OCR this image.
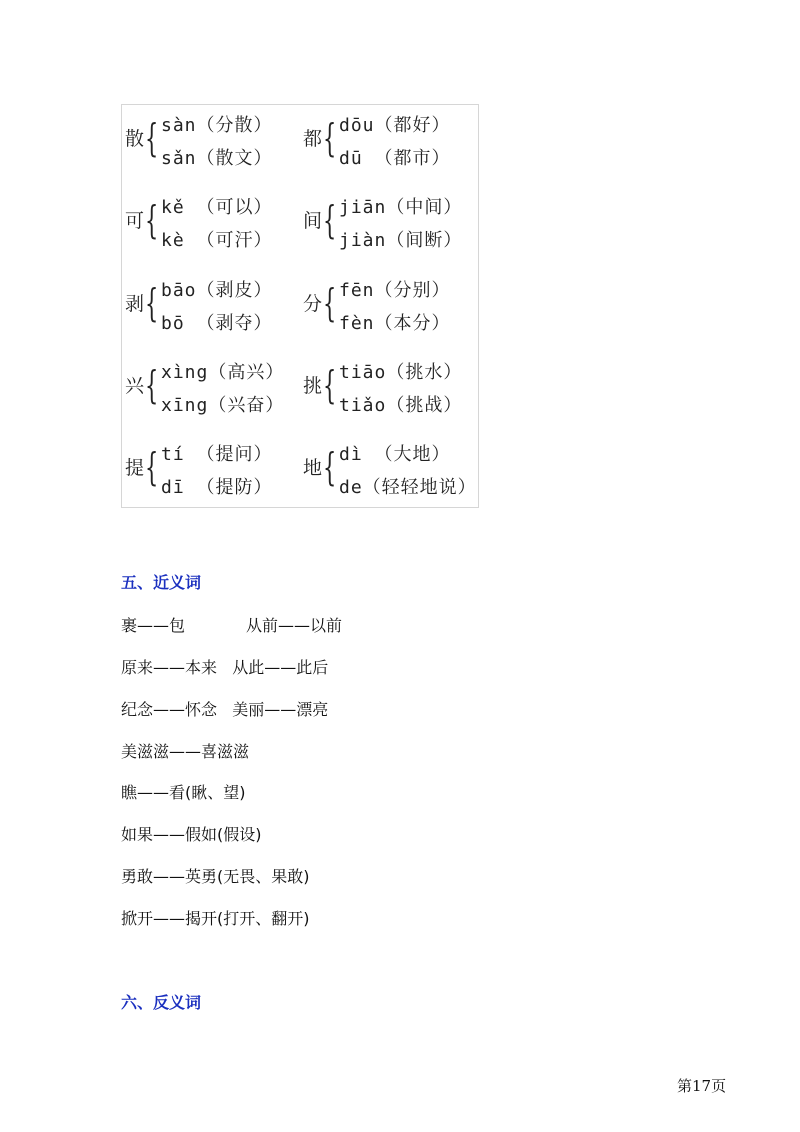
散 { sàn（分散）
sǎn（散文）
都 { dōu（都好）
dū （都市）
可 { kě （可以）
kè （可汗）
间 { jiān（中间）
jiàn（间断）
剥 { bāo（剥皮）
bō （剥夺）
分 { fēn（分别）
fèn（本分）
兴 { xìng（高兴）
xīng（兴奋）
挑 { tiāo（挑水）
tiǎo（挑战）
提 { tí （提问）
dī （提防）
地 { dì （大地）
de（轻轻地说）
五、近义词
裹——包            从前——以前
原来——本来   从此——此后
纪念——怀念   美丽——漂亮
美滋滋——喜滋滋
瞧——看(瞅、望)
如果——假如(假设)
勇敢——英勇(无畏、果敢)
掀开——揭开(打开、翻开)
六、反义词
第17页
